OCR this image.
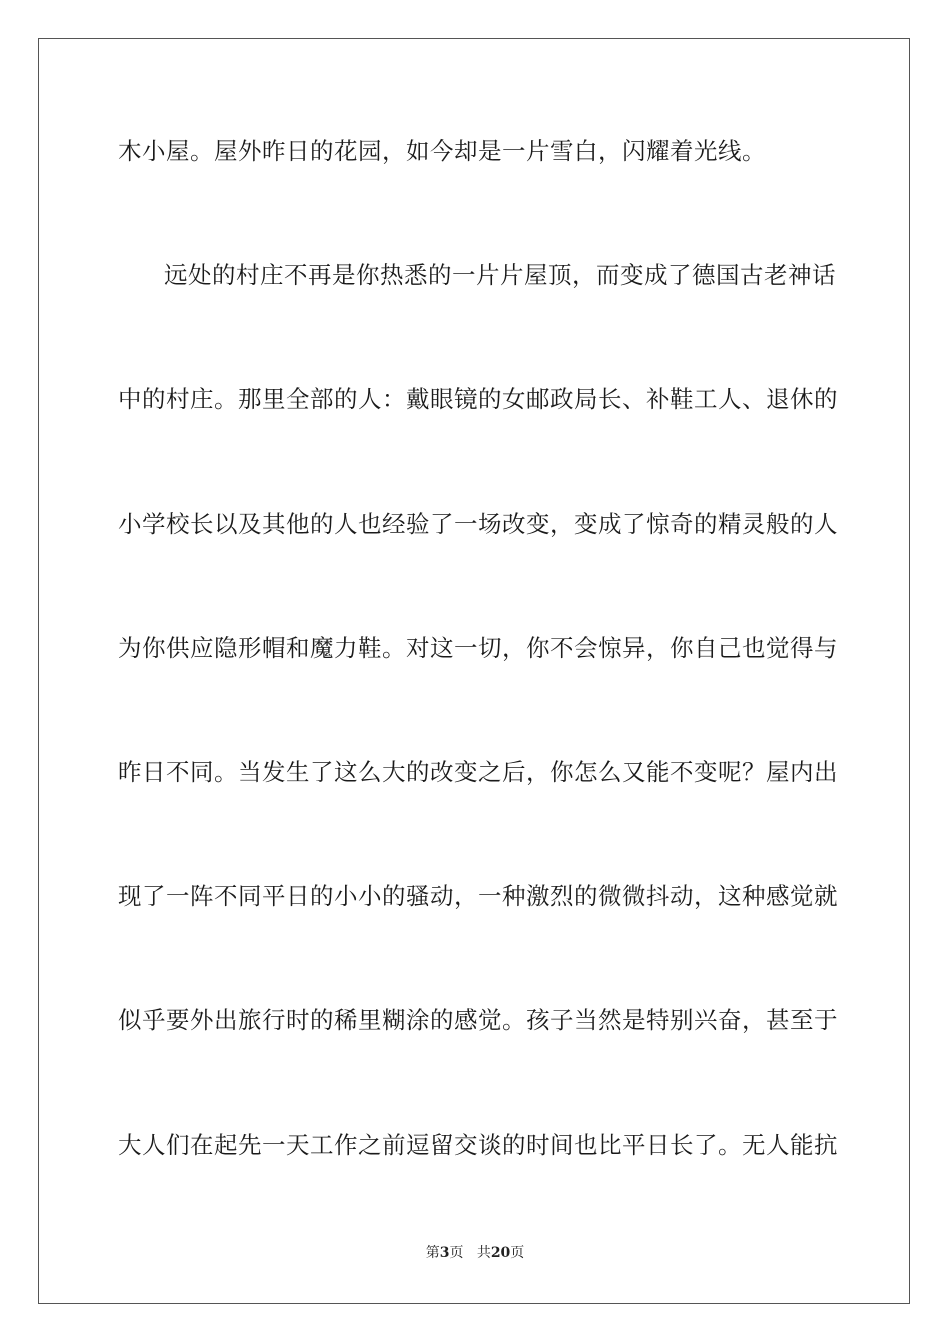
木小屋。屋外昨日的花园，如今却是一片雪白，闪耀着光线。
远处的村庄不再是你热悉的一片片屋顶，而变成了德国古老神话
中的村庄。那里全部的人：戴眼镜的女邮政局长、补鞋工人、退休的
小学校长以及其他的人也经验了一场改变，变成了惊奇的精灵般的人
为你供应隐形帽和魔力鞋。对这一切，你不会惊异，你自己也觉得与
昨日不同。当发生了这么大的改变之后，你怎么又能不变呢？屋内出
现了一阵不同平日的小小的骚动，一种激烈的微微抖动，这种感觉就
似乎要外出旅行时的稀里糊涂的感觉。孩子当然是特别兴奋，甚至于
大人们在起先一天工作之前逗留交谈的时间也比平日长了。无人能抗
第3页 共20页
